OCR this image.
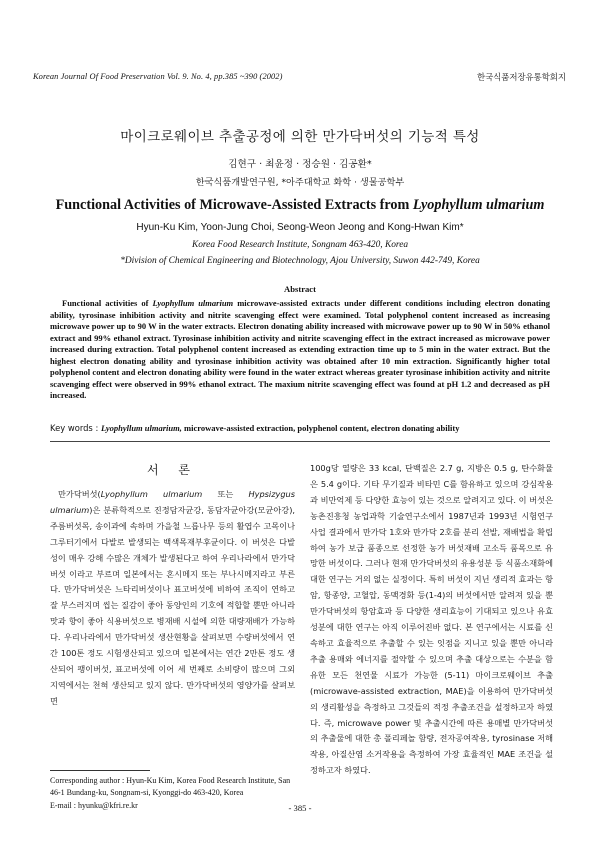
Korean Journal Of Food Preservation Vol. 9. No. 4, pp.385 ~390 (2002)	한국식품저장유통학회지
마이크로웨이브 추출공정에 의한 만가닥버섯의 기능적 특성
김현구 · 최윤정 · 정승원 · 김공환*
한국식품개발연구원, *아주대학교 화학 · 생물공학부
Functional Activities of Microwave-Assisted Extracts from Lyophyllum ulmarium
Hyun-Ku Kim, Yoon-Jung Choi, Seong-Weon Jeong and Kong-Hwan Kim*
Korea Food Research Institute, Songnam 463-420, Korea
*Division of Chemical Engineering and Biotechnology, Ajou University, Suwon 442-749, Korea
Abstract
Functional activities of Lyophyllum ulmarium microwave-assisted extracts under different conditions including electron donating ability, tyrosinase inhibition activity and nitrite scavenging effect were examined. Total polyphenol content increased as increasing microwave power up to 90 W in the water extracts. Electron donating ability increased with microwave power up to 90 W in 50% ethanol extract and 99% ethanol extract. Tyrosinase inhibition activity and nitrite scavenging effect in the extract increased as microwave power increased during extraction. Total polyphenol content increased as extending extraction time up to 5 min in the water extract. But the highest electron donating ability and tyrosinase inhibition activity was obtained after 10 min extraction. Significantly higher total polyphenol content and electron donating ability were found in the water extract whereas greater tyrosinase inhibition activity and nitrite scavenging effect were observed in 99% ethanol extract. The maxium nitrite scavenging effect was found at pH 1.2 and decreased as pH increased.
Key words : Lyophyllum ulmarium, microwave-assisted extraction, polyphenol content, electron donating ability
서 론
만가닥버섯(Lyophyllum ulmarium 또는 Hypsizygus ulmarium)은 분류학적으로 진정담자균강, 동담자균아강(모균아강), 주름버섯목, 송이과에 속하며 가을철 느릅나무 등의 활엽수 고목이나 그루터기에서 다발로 발생되는 백색목재부후균이다. 이 버섯은 다발성이 매우 강해 수많은 개체가 발생된다고 하여 우리나라에서 만가닥버섯 이라고 부르며 일본에서는 혼시메지 또는 부나시메지라고 부른다. 만가닥버섯은 느타리버섯이나 표고버섯에 비하여 조직이 연하고 잘 부스러지며 씹는 질감이 좋아 동양인의 기호에 적합할 뿐만 아니라 맛과 향이 좋아 식용버섯으로 병재배 시설에 의한 대량재배가 가능하다. 우리나라에서 만가닥버섯 생산현황을 살펴보면 수량버섯에서 연간 100톤 정도 시험생산되고 있으며 일본에서는 연간 2만톤 정도 생산되어 팽이버섯, 표고버섯에 이어 세 번째로 소비량이 많으며 그외 지역에서는 천혀 생산되고 있지 않다. 만가닥버섯의 영양가를 살펴보면
100g당 열량은 33 kcal, 단백질은 2.7 g, 지방은 0.5 g, 탄수화물은 5.4 g이다. 기타 무기질과 비타민 C를 함유하고 있으며 강심작용과 비만억제 등 다양한 효능이 있는 것으로 알려지고 있다. 이 버섯은 농촌진흥청 농업과학 기술연구소에서 1987년과 1993년 시험연구사업 결과에서 만가닥 1호와 만가닥 2호를 분리 선발, 재배법을 확립하여 농가 보급 품종으로 선정한 농가 버섯재배 고소득 품목으로 유망한 버섯이다. 그러나 현재 만가닥버섯의 유용성분 등 식품소재화에 대한 연구는 거의 없는 실정이다. 특히 버섯이 지닌 생리적 효과는 항암, 항종양, 고혈압, 동맥경화 등(1-4)의 버섯에서만 알려져 있을 뿐 만가닥버섯의 항암효과 등 다양한 생리효능이 기대되고 있으나 유효성분에 대한 연구는 아직 이루어진바 없다. 본 연구에서는 시료를 신속하고 효율적으로 추출할 수 있는 잇점을 지니고 있을 뿐만 아니라 추출 용매와 에너지를 절약할 수 있으며 추출 대상으로는 수분을 함유한 모든 천연물 시료가 가능한 (5-11) 마이크로웨이브 추출(microwave-assisted extraction, MAE)을 이용하여 만가닥버섯의 생리활성을 측정하고 그것들의 적정 추출조건을 설정하고자 하였다. 즉, microwave power 및 추출시간에 따른 용매별 만가닥버섯의 추출물에 대한 총 폴리페놀 함량, 전자공여작용, tyrosinase 저해작용, 아질산염 소거작용을 측정하여 가장 효율적인 MAE 조건을 설정하고자 하였다.
Corresponding author : Hyun-Ku Kim, Korea Food Research Institute, San 46-1 Bundang-ku, Songnam-si, Kyonggi-do 463-420, Korea
E-mail : hyunku@kfri.re.kr	- 385 -
